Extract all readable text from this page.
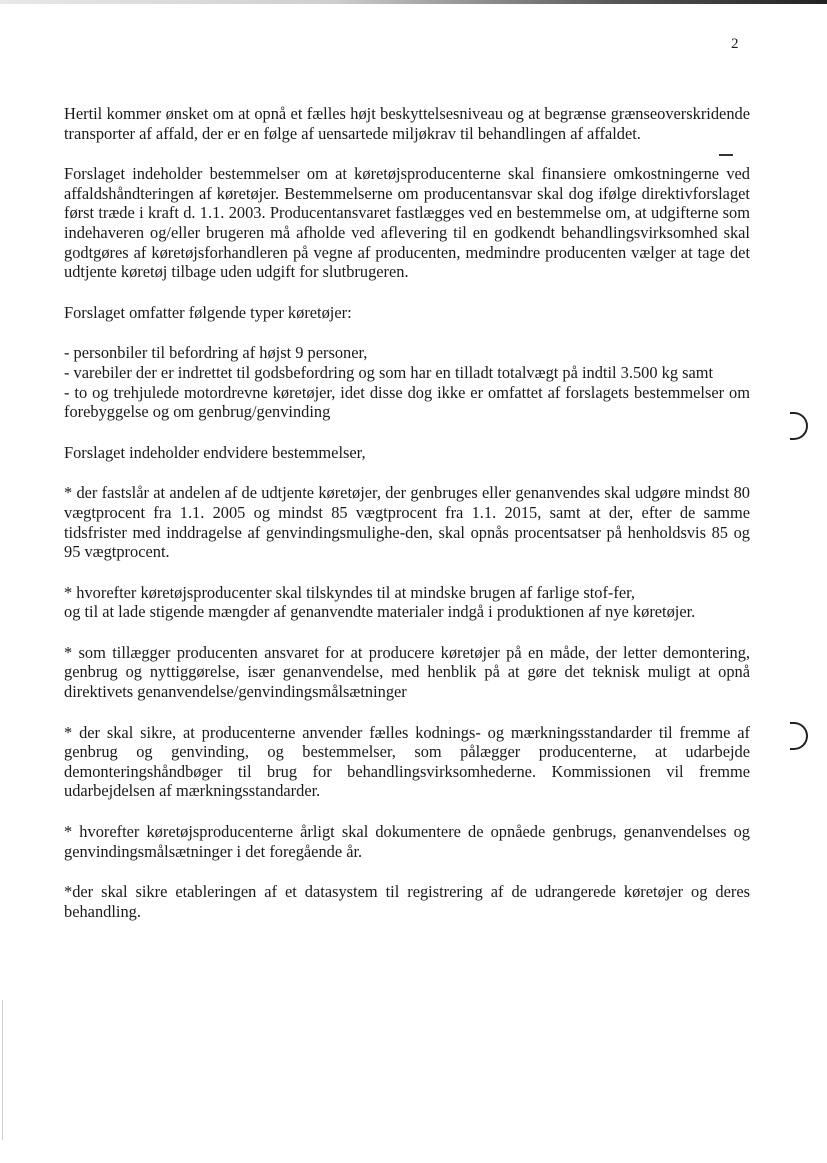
2

Hertil kommer ønsket om at opnå et fælles højt beskyttelsesniveau og at begrænse grænseoverskridende transporter af affald, der er en følge af uensartede miljøkrav til behandlingen af affaldet.

Forslaget indeholder bestemmelser om at køretøjsproducenterne skal finansiere omkostningerne ved affaldshåndteringen af køretøjer. Bestemmelserne om producentansvar skal dog ifølge direktivforslaget først træde i kraft d. 1.1. 2003. Producentansvaret fastlægges ved en bestemmelse om, at udgifterne som indehaveren og/eller brugeren må afholde ved aflevering til en godkendt behandlingsvirksomhed skal godtgøres af køretøjsforhandleren på vegne af producenten, medmindre producenten vælger at tage det udtjente køretøj tilbage uden udgift for slutbrugeren.

Forslaget omfatter følgende typer køretøjer:

- personbiler til befordring af højst 9 personer,
- varebiler der er indrettet til godsbefordring og som har en tilladt totalvægt på indtil 3.500 kg samt
- to og trehjulede motordrevne køretøjer, idet disse dog ikke er omfattet af forslagets bestemmelser om forebyggelse og om genbrug/genvinding

Forslaget indeholder endvidere bestemmelser,

* der fastslår at andelen af de udtjente køretøjer, der genbruges eller genanvendes skal udgøre mindst 80 vægtprocent fra 1.1. 2005 og mindst 85 vægtprocent fra 1.1. 2015, samt at der, efter de samme tidsfrister med inddragelse af genvindingsmulighe-den, skal opnås procentsatser på henholdsvis 85 og 95 vægtprocent.

* hvorefter køretøjsproducenter skal tilskyndes til at mindske brugen af farlige stof-fer,
og til at lade stigende mængder af genanvendte materialer indgå i produktionen af nye køretøjer.

* som tillægger producenten ansvaret for at producere køretøjer på en måde, der letter demontering, genbrug og nyttiggørelse, især genanvendelse, med henblik på at gøre det teknisk muligt at opnå direktivets genanvendelse/genvindingsmålsætninger

* der skal sikre, at producenterne anvender fælles kodnings- og mærkningsstandarder til fremme af genbrug og genvinding, og bestemmelser, som pålægger producenterne, at udarbejde demonteringshåndbøger til brug for behandlingsvirksomhederne. Kommissionen vil fremme udarbejdelsen af mærkningsstandarder.

* hvorefter køretøjsproducenterne årligt skal dokumentere de opnåede genbrugs, genanvendelses og genvindingsmålsætninger i det foregående år.

*der skal sikre etableringen af et datasystem til registrering af de udrangerede køretøjer og deres behandling.
